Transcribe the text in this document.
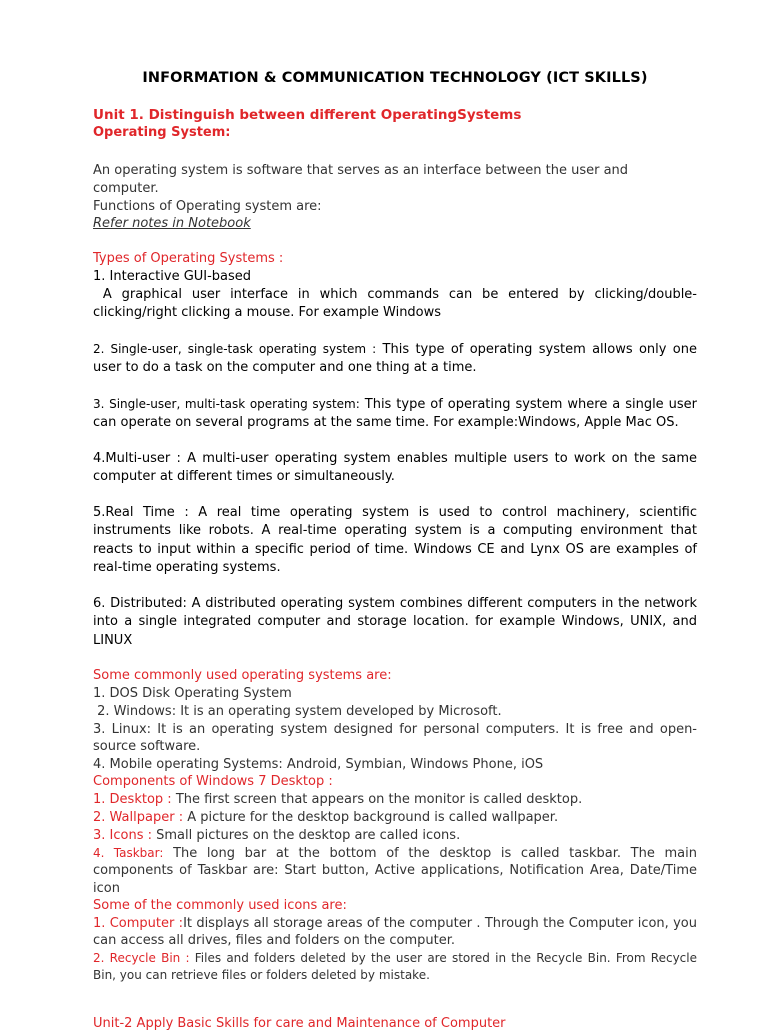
INFORMATION & COMMUNICATION TECHNOLOGY (ICT SKILLS)

Unit 1. Distinguish between different OperatingSystems

Operating System:

An operating system is software that serves as an interface between the user and computer.

Functions of Operating system are:

Refer notes in Notebook

Types of Operating Systems :

1. Interactive GUI-based

A graphical user interface in which commands can be entered by clicking/double-clicking/right clicking a mouse. For example Windows

2. Single-user, single-task operating system : This type of operating system allows only one user to do a task on the computer and one thing at a time.

3. Single-user, multi-task operating system: This type of operating system where a single user can operate on several programs at the same time. For example:Windows, Apple Mac OS.

4.Multi-user : A multi-user operating system enables multiple users to work on the same computer at different times or simultaneously.

5.Real Time : A real time operating system is used to control machinery, scientific instruments like robots. A real-time operating system is a computing environment that reacts to input within a specific period of time. Windows CE and Lynx OS are examples of real-time operating systems.

6. Distributed: A distributed operating system combines different computers in the network into a single integrated computer and storage location. for example Windows, UNIX, and LINUX

Some commonly used operating systems are:

1. DOS Disk Operating System

2. Windows: It is an operating system developed by Microsoft.

3. Linux: It is an operating system designed for personal computers. It is free and open-source software.

4. Mobile operating Systems: Android, Symbian, Windows Phone, iOS

Components of Windows 7 Desktop :

1. Desktop : The first screen that appears on the monitor is called desktop.

2. Wallpaper : A picture for the desktop background is called wallpaper.

3. Icons : Small pictures on the desktop are called icons.

4. Taskbar: The long bar at the bottom of the desktop is called taskbar. The main components of Taskbar are: Start button, Active applications, Notification Area, Date/Time icon

Some of the commonly used icons are:

1. Computer :It displays all storage areas of the computer . Through the Computer icon, you can access all drives, files and folders on the computer.

2. Recycle Bin : Files and folders deleted by the user are stored in the Recycle Bin. From Recycle Bin, you can retrieve files or folders deleted by mistake.

Unit-2 Apply Basic Skills for care and Maintenance of Computer
